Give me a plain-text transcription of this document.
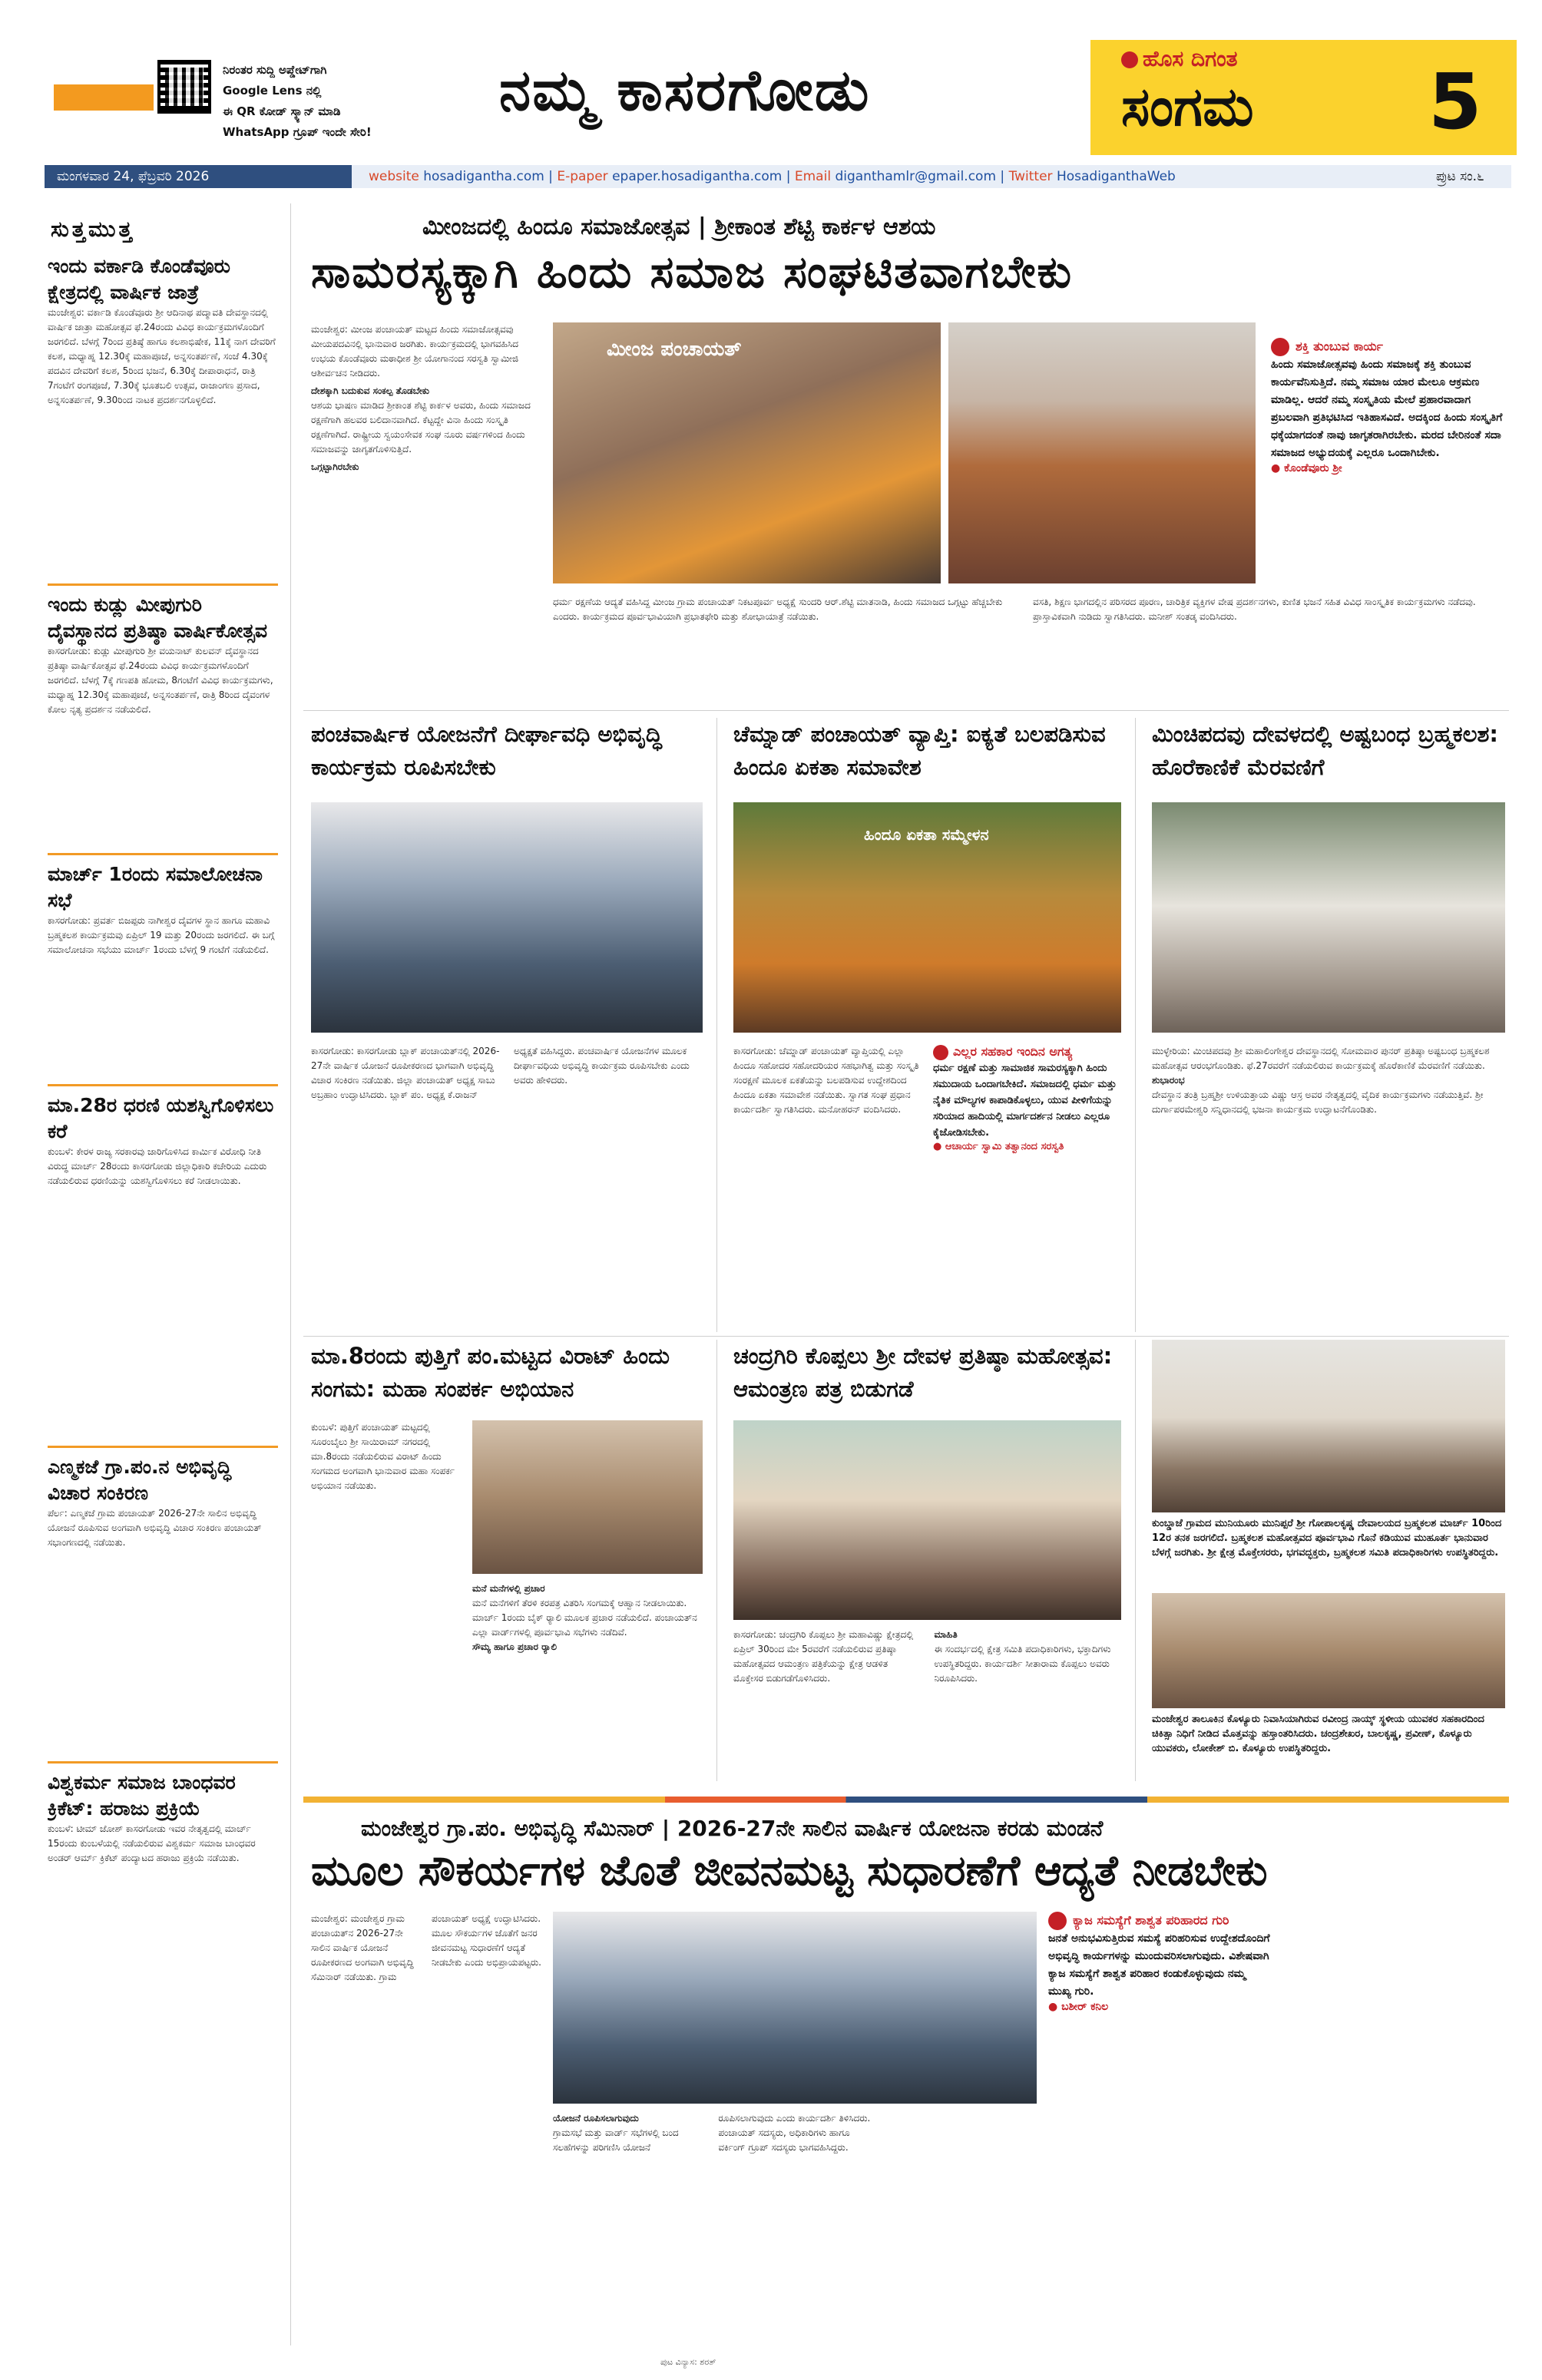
ನಿರಂತರ ಸುದ್ದಿ ಅಪ್ಡೇಟ್‌ಗಾಗಿ
Google Lens ನಲ್ಲಿ
ಈ QR ಕೋಡ್ ಸ್ಕ್ಯಾನ್ ಮಾಡಿ
WhatsApp ಗ್ರೂಪ್ ಇಂದೇ ಸೇರಿ!
ನಮ್ಮ ಕಾಸರಗೋಡು	ಹೊಸ ದಿಗಂತ
ಸಂಗಮ 5
ಮಂಗಳವಾರ 24, ಫೆಬ್ರವರಿ 2026	website hosadigantha.com | E-paper epaper.hosadigantha.com | Email diganthamlr@gmail.com | Twitter HosadiganthaWeb	ಪ್ರುಟ ಸಂ.೬
ಸುತ್ತಮುತ್ತ
ಇಂದು ವರ್ಕಾಡಿ ಕೊಂಡೆವೂರು ಕ್ಷೇತ್ರದಲ್ಲಿ ವಾರ್ಷಿಕ ಜಾತ್ರೆ
ಮಂಜೇಶ್ವರ: ವರ್ಕಾಡಿ ಕೊಂಡೆವೂರು ಶ್ರೀ ಆದಿನಾಥ ಪದ್ಮಾವತಿ ದೇವಸ್ಥಾನದಲ್ಲಿ ವಾರ್ಷಿಕ ಜಾತ್ರಾ ಮಹೋತ್ಸವ ಫೆ.24ರಂದು ವಿವಿಧ ಕಾರ್ಯಕ್ರಮಗಳೊಂದಿಗೆ ಜರಗಲಿದೆ. ಬೆಳಗ್ಗೆ 7ರಿಂದ ಪ್ರತಿಷ್ಠೆ ಹಾಗೂ ಕಲಶಾಭಿಷೇಕ, 11ಕ್ಕೆ ನಾಗ ದೇವರಿಗೆ ಕಲಶ, ಮಧ್ಯಾಹ್ನ 12.30ಕ್ಕೆ ಮಹಾಪೂಜೆ, ಅನ್ನಸಂತರ್ಪಣೆ, ಸಂಜೆ 4.30ಕ್ಕೆ ಪದವಿನ ದೇವರಿಗೆ ಕಲಶ, 5ರಿಂದ ಭಜನೆ, 6.30ಕ್ಕೆ ದೀಪಾರಾಧನೆ, ರಾತ್ರಿ 7ಗಂಟೆಗೆ ರಂಗಪೂಜೆ, 7.30ಕ್ಕೆ ಭೂತಬಲಿ ಉತ್ಸವ, ರಾಜಾಂಗಣ ಪ್ರಸಾದ, ಅನ್ನಸಂತರ್ಪಣೆ, 9.30ರಿಂದ ನಾಟಕ ಪ್ರದರ್ಶನಗೊಳ್ಳಲಿದೆ.
ಇಂದು ಕುಡ್ಲು ಮೀಪುಗುರಿ ದೈವಸ್ಥಾನದ ಪ್ರತಿಷ್ಠಾ ವಾರ್ಷಿಕೋತ್ಸವ
ಕಾಸರಗೋಡು: ಕುಡ್ಲು ಮೀಪುಗುರಿ ಶ್ರೀ ವಯನಾಟ್ ಕುಲವನ್ ದೈವಸ್ಥಾನದ ಪ್ರತಿಷ್ಠಾ ವಾರ್ಷಿಕೋತ್ಸವ ಫೆ.24ರಂದು ವಿವಿಧ ಕಾರ್ಯಕ್ರಮಗಳೊಂದಿಗೆ ಜರಗಲಿದೆ. ಬೆಳಗ್ಗೆ 7ಕ್ಕೆ ಗಣಪತಿ ಹೋಮ, 8ಗಂಟೆಗೆ ವಿವಿಧ ಕಾರ್ಯಕ್ರಮಗಳು, ಮಧ್ಯಾಹ್ನ 12.30ಕ್ಕೆ ಮಹಾಪೂಜೆ, ಅನ್ನಸಂತರ್ಪಣೆ, ರಾತ್ರಿ 8ರಿಂದ ದೈವಂಗಳ ಕೋಲ ನೃತ್ಯ ಪ್ರದರ್ಶನ ನಡೆಯಲಿದೆ.
ಮಾರ್ಚ್ 1ರಂದು ಸಮಾಲೋಚನಾ ಸಭೆ
ಕಾಸರಗೋಡು: ಪ್ರವರ್ತ ಬಿಜಪ್ಪರು ನಾಗೀಶ್ವರ ದೈವಗಳ ಸ್ಥಾನ ಹಾಗೂ ಮಹಾವಿ ಬ್ರಹ್ಮಕಲಶ ಕಾರ್ಯಕ್ರಮವು ಏಪ್ರಿಲ್ 19 ಮತ್ತು 20ರಂದು ಜರಗಲಿದೆ. ಈ ಬಗ್ಗೆ ಸಮಾಲೋಚನಾ ಸಭೆಯು ಮಾರ್ಚ್ 1ರಂದು ಬೆಳಗ್ಗೆ 9 ಗಂಟೆಗೆ ನಡೆಯಲಿದೆ.
ಮಾ.28ರ ಧರಣಿ ಯಶಸ್ವಿಗೊಳಿಸಲು ಕರೆ
ಕುಂಬಳೆ: ಕೇರಳ ರಾಜ್ಯ ಸರಕಾರವು ಜಾರಿಗೊಳಿಸಿದ ಕಾರ್ಮಿಕ ವಿರೋಧಿ ನೀತಿ ವಿರುದ್ಧ ಮಾರ್ಚ್ 28ರಂದು ಕಾಸರಗೋಡು ಜಿಲ್ಲಾಧಿಕಾರಿ ಕಚೇರಿಯ ಎದುರು ನಡೆಯಲಿರುವ ಧರಣಿಯನ್ನು ಯಶಸ್ವಿಗೊಳಿಸಲು ಕರೆ ನೀಡಲಾಯಿತು.
ಎಣ್ಮಕಜೆ ಗ್ರಾ.ಪಂ.ನ ಅಭಿವೃದ್ಧಿ ವಿಚಾರ ಸಂಕಿರಣ
ಪೆರ್ಲ: ಎಣ್ಮಕಜೆ ಗ್ರಾಮ ಪಂಚಾಯತ್ 2026-27ನೇ ಸಾಲಿನ ಅಭಿವೃದ್ಧಿ ಯೋಜನೆ ರೂಪಿಸುವ ಅಂಗವಾಗಿ ಅಭಿವೃದ್ಧಿ ವಿಚಾರ ಸಂಕಿರಣ ಪಂಚಾಯತ್ ಸಭಾಂಗಣದಲ್ಲಿ ನಡೆಯಿತು.
ವಿಶ್ವಕರ್ಮ ಸಮಾಜ ಬಾಂಧವರ ಕ್ರಿಕೆಟ್: ಹರಾಜು ಪ್ರಕ್ರಿಯೆ
ಕುಂಬಳೆ: ಟೀಮ್ ಜೋಶ್ ಕಾಸರಗೋಡು ಇವರ ನೇತೃತ್ವದಲ್ಲಿ ಮಾರ್ಚ್ 15ರಂದು ಕುಂಬಳೆಯಲ್ಲಿ ನಡೆಯಲಿರುವ ವಿಶ್ವಕರ್ಮ ಸಮಾಜ ಬಾಂಧವರ ಅಂಡರ್ ಆರ್ಮ್ ಕ್ರಿಕೆಟ್ ಪಂದ್ಯಾಟದ ಹರಾಜು ಪ್ರಕ್ರಿಯೆ ನಡೆಯಿತು.
ಮೀಂಜದಲ್ಲಿ ಹಿಂದೂ ಸಮಾಜೋತ್ಸವ | ಶ್ರೀಕಾಂತ ಶೆಟ್ಟಿ ಕಾರ್ಕಳ ಆಶಯ
ಸಾಮರಸ್ಯಕ್ಕಾಗಿ ಹಿಂದು ಸಮಾಜ ಸಂಘಟಿತವಾಗಬೇಕು
ಮಂಜೇಶ್ವರ: ಮೀಂಜ ಪಂಚಾಯತ್ ಮಟ್ಟದ ಹಿಂದು ಸಮಾಜೋತ್ಸವವು ಮೀಯಪದವಿನಲ್ಲಿ ಭಾನುವಾರ ಜರಗಿತು. ಕಾರ್ಯಕ್ರಮದಲ್ಲಿ ಭಾಗವಹಿಸಿದ ಉಭಯ ಕೊಂಡೆವೂರು ಮಠಾಧೀಶ ಶ್ರೀ ಯೋಗಾನಂದ ಸರಸ್ವತಿ ಸ್ವಾಮೀಜಿ ಆಶೀರ್ವಚನ ನೀಡಿದರು.
ದೇಶಕ್ಕಾಗಿ ಬದುಕುವ ಸಂಕಲ್ಪ ತೊಡಬೇಕು
ಆಶಯ ಭಾಷಣ ಮಾಡಿದ ಶ್ರೀಕಾಂತ ಶೆಟ್ಟಿ ಕಾರ್ಕಳ ಅವರು, ಹಿಂದು ಸಮಾಜದ ರಕ್ಷಣೆಗಾಗಿ ಹಲವರ ಬಲಿದಾನವಾಗಿದೆ. ಕೆಟ್ಟದ್ದೇ ವಿನಾ ಹಿಂದು ಸಂಸ್ಕೃತಿ ರಕ್ಷಣೆಗಾಗಿದೆ. ರಾಷ್ಟ್ರೀಯ ಸ್ವಯಂಸೇವಕ ಸಂಘ ನೂರು ವರ್ಷಗಳಿಂದ ಹಿಂದು ಸಮಾಜವನ್ನು ಜಾಗೃತಗೊಳಿಸುತ್ತಿದೆ.
ಒಗ್ಗಟ್ಟಾಗಿರಬೇಕು
ಮೀಂಜ ಪಂಚಾಯತ್
ಧರ್ಮ ರಕ್ಷಣೆಯ ಆದ್ಯತೆ ವಹಿಸಿದ್ದ ಮೀಂಜ ಗ್ರಾಮ ಪಂಚಾಯತ್ ನಿಕಟಪೂರ್ವ ಅಧ್ಯಕ್ಷೆ ಸುಂದರಿ ಆರ್.ಶೆಟ್ಟಿ ಮಾತನಾಡಿ, ಹಿಂದು ಸಮಾಜದ ಒಗ್ಗಟ್ಟು ಹೆಚ್ಚಬೇಕು ಎಂದರು. ಕಾರ್ಯಕ್ರಮದ ಪೂರ್ವಭಾವಿಯಾಗಿ ಪ್ರಭಾತಫೇರಿ ಮತ್ತು ಶೋಭಾಯಾತ್ರೆ ನಡೆಯಿತು.
ವಸತಿ, ಶಿಕ್ಷಣ ಭಾಗದಲ್ಲಿನ ಪರಿಸರದ ಪೂರಣ, ಚಾರಿತ್ರಿಕ ವ್ಯಕ್ತಿಗಳ ವೇಷ ಪ್ರದರ್ಶನಗಳು, ಕುಣಿತ ಭಜನೆ ಸಹಿತ ವಿವಿಧ ಸಾಂಸ್ಕೃತಿಕ ಕಾರ್ಯಕ್ರಮಗಳು ನಡೆದವು. ಪ್ರಾಸ್ತಾವಿಕವಾಗಿ ನುಡಿದು ಸ್ವಾಗತಿಸಿದರು. ಮನೀಶ್ ಸಂತಡ್ಕ ವಂದಿಸಿದರು.
ಶಕ್ತಿ ತುಂಬುವ ಕಾರ್ಯ
ಹಿಂದು ಸಮಾಜೋತ್ಸವವು ಹಿಂದು ಸಮಾಜಕ್ಕೆ ಶಕ್ತಿ ತುಂಬುವ ಕಾರ್ಯವೆನಿಸುತ್ತಿದೆ. ನಮ್ಮ ಸಮಾಜ ಯಾರ ಮೇಲೂ ಆಕ್ರಮಣ ಮಾಡಿಲ್ಲ. ಆದರೆ ನಮ್ಮ ಸಂಸ್ಕೃತಿಯ ಮೇಲೆ ಪ್ರಹಾರವಾದಾಗ ಪ್ರಬಲವಾಗಿ ಪ್ರತಿಭಟಿಸಿದ ಇತಿಹಾಸವಿದೆ. ಅದಕ್ಕಿಂದ ಹಿಂದು ಸಂಸ್ಕೃತಿಗೆ ಧಕ್ಕೆಯಾಗದಂತೆ ನಾವು ಜಾಗೃತರಾಗಿರಬೇಕು. ಮರದ ಬೇರಿನಂತೆ ಸದಾ ಸಮಾಜದ ಅಭ್ಯುದಯಕ್ಕೆ ಎಲ್ಲರೂ ಒಂದಾಗಿಬೇಕು.
● ಕೊಂಡೆವೂರು ಶ್ರೀ
ಪಂಚವಾರ್ಷಿಕ ಯೋಜನೆಗೆ ದೀರ್ಘಾವಧಿ ಅಭಿವೃದ್ಧಿ ಕಾರ್ಯಕ್ರಮ ರೂಪಿಸಬೇಕು
ಕಾಸರಗೋಡು: ಕಾಸರಗೋಡು ಬ್ಲಾಕ್ ಪಂಚಾಯತ್‌ನಲ್ಲಿ 2026-27ನೇ ವಾರ್ಷಿಕ ಯೋಜನೆ ರೂಪೀಕರಣದ ಭಾಗವಾಗಿ ಅಭಿವೃದ್ಧಿ ವಿಚಾರ ಸಂಕಿರಣ ನಡೆಯಿತು. ಜಿಲ್ಲಾ ಪಂಚಾಯತ್ ಅಧ್ಯಕ್ಷ ಸಾಬು ಅಬ್ರಹಾಂ ಉದ್ಘಾಟಿಸಿದರು. ಬ್ಲಾಕ್ ಪಂ. ಅಧ್ಯಕ್ಷ ಕೆ.ರಾಜನ್ ಅಧ್ಯಕ್ಷತೆ ವಹಿಸಿದ್ದರು. ಪಂಚವಾರ್ಷಿಕ ಯೋಜನೆಗಳ ಮೂಲಕ ದೀರ್ಘಾವಧಿಯ ಅಭಿವೃದ್ಧಿ ಕಾರ್ಯಕ್ರಮ ರೂಪಿಸಬೇಕು ಎಂದು ಅವರು ಹೇಳಿದರು.
ಚೆಮ್ನಾಡ್ ಪಂಚಾಯತ್ ವ್ಯಾಪ್ತಿ: ಐಕ್ಯತೆ ಬಲಪಡಿಸುವ ಹಿಂದೂ ಏಕತಾ ಸಮಾವೇಶ
ಹಿಂದೂ ಏಕತಾ ಸಮ್ಮೇಳನ
ಕಾಸರಗೋಡು: ಚೆಮ್ನಾಡ್ ಪಂಚಾಯತ್ ವ್ಯಾಪ್ತಿಯಲ್ಲಿ ಎಲ್ಲಾ ಹಿಂದೂ ಸಹೋದರ ಸಹೋದರಿಯರ ಸಹಭಾಗಿತ್ವ ಮತ್ತು ಸಂಸ್ಕೃತಿ ಸಂರಕ್ಷಣೆ ಮೂಲಕ ಏಕತೆಯನ್ನು ಬಲಪಡಿಸುವ ಉದ್ದೇಶದಿಂದ ಹಿಂದೂ ಏಕತಾ ಸಮಾವೇಶ ನಡೆಯಿತು. ಸ್ವಾಗತ ಸಂಘ ಪ್ರಧಾನ ಕಾರ್ಯದರ್ಶಿ ಸ್ವಾಗತಿಸಿದರು. ಮನೋಹರನ್ ವಂದಿಸಿದರು.
ಎಲ್ಲರ ಸಹಕಾರ ಇಂದಿನ ಅಗತ್ಯ
ಧರ್ಮ ರಕ್ಷಣೆ ಮತ್ತು ಸಾಮಾಜಿಕ ಸಾಮರಸ್ಯಕ್ಕಾಗಿ ಹಿಂದು ಸಮುದಾಯ ಒಂದಾಗಬೇಕಿದೆ. ಸಮಾಜದಲ್ಲಿ ಧರ್ಮ ಮತ್ತು ನೈತಿಕ ಮೌಲ್ಯಗಳ ಕಾಪಾಡಿಕೊಳ್ಳಲು, ಯುವ ಪೀಳಿಗೆಯನ್ನು ಸರಿಯಾದ ಹಾದಿಯಲ್ಲಿ ಮಾರ್ಗದರ್ಶನ ನೀಡಲು ಎಲ್ಲರೂ ಕೈಜೋಡಿಸಬೇಕು.
● ಆಚಾರ್ಯ ಸ್ವಾಮಿ ತತ್ವಾನಂದ ಸರಸ್ವತಿ
ಮಿಂಚಿಪದವು ದೇವಳದಲ್ಲಿ ಅಷ್ಟಬಂಧ ಬ್ರಹ್ಮಕಲಶ: ಹೊರೆಕಾಣಿಕೆ ಮೆರವಣಿಗೆ
ಮುಳ್ಳೇರಿಯ: ಮಿಂಚಿಪದವು ಶ್ರೀ ಮಹಾಲಿಂಗೇಶ್ವರ ದೇವಸ್ಥಾನದಲ್ಲಿ ಸೋಮವಾರ ಪುನರ್ ಪ್ರತಿಷ್ಠಾ ಅಷ್ಟಬಂಧ ಬ್ರಹ್ಮಕಲಶ ಮಹೋತ್ಸವ ಆರಂಭಗೊಂಡಿತು. ಫೆ.27ರವರೆಗೆ ನಡೆಯಲಿರುವ ಕಾರ್ಯಕ್ರಮಕ್ಕೆ ಹೊರೆಕಾಣಿಕೆ ಮೆರವಣಿಗೆ ನಡೆಯಿತು.
ಶುಭಾರಂಭ
ದೇವಸ್ಥಾನ ತಂತ್ರಿ ಬ್ರಹ್ಮಶ್ರೀ ಉಳಿಯತ್ತಾಯ ವಿಷ್ಣು ಆಸ್ರ ಅವರ ನೇತೃತ್ವದಲ್ಲಿ ವೈದಿಕ ಕಾರ್ಯಕ್ರಮಗಳು ನಡೆಯುತ್ತಿವೆ. ಶ್ರೀ ದುರ್ಗಾಪರಮೇಶ್ವರಿ ಸನ್ನಿಧಾನದಲ್ಲಿ ಭಜನಾ ಕಾರ್ಯಕ್ರಮ ಉದ್ಘಾಟನೆಗೊಂಡಿತು.
ಮಾ.8ರಂದು ಪುತ್ತಿಗೆ ಪಂ.ಮಟ್ಟದ ವಿರಾಟ್ ಹಿಂದು ಸಂಗಮ: ಮಹಾ ಸಂಪರ್ಕ ಅಭಿಯಾನ
ಕುಂಬಳೆ: ಪುತ್ತಿಗೆ ಪಂಚಾಯತ್ ಮಟ್ಟದಲ್ಲಿ ಸೂರಂಬೈಲು ಶ್ರೀ ಸಾಯಿರಾಮ್ ನಗರದಲ್ಲಿ ಮಾ.8ರಂದು ನಡೆಯಲಿರುವ ವಿರಾಟ್ ಹಿಂದು ಸಂಗಮದ ಅಂಗವಾಗಿ ಭಾನುವಾರ ಮಹಾ ಸಂಪರ್ಕ ಅಭಿಯಾನ ನಡೆಯಿತು.
ಮನೆ ಮನೆಗಳಲ್ಲಿ ಪ್ರಚಾರ
ಮನೆ ಮನೆಗಳಿಗೆ ತೆರಳಿ ಕರಪತ್ರ ವಿತರಿಸಿ ಸಂಗಮಕ್ಕೆ ಆಹ್ವಾನ ನೀಡಲಾಯಿತು. ಮಾರ್ಚ್ 1ರಂದು ಬೈಕ್ ರ‍್ಯಾಲಿ ಮೂಲಕ ಪ್ರಚಾರ ನಡೆಯಲಿದೆ. ಪಂಚಾಯತ್‌ನ ಎಲ್ಲಾ ವಾರ್ಡ್‌ಗಳಲ್ಲಿ ಪೂರ್ವಭಾವಿ ಸಭೆಗಳು ನಡೆದಿವೆ.
ಸೌಮ್ಯ ಹಾಗೂ ಪ್ರಚಾರ ರ‍್ಯಾಲಿ
ಚಂದ್ರಗಿರಿ ಕೊಪ್ಪಲು ಶ್ರೀ ದೇವಳ ಪ್ರತಿಷ್ಠಾ ಮಹೋತ್ಸವ: ಆಮಂತ್ರಣ ಪತ್ರ ಬಿಡುಗಡೆ
ಕಾಸರಗೋಡು: ಚಂದ್ರಗಿರಿ ಕೊಪ್ಪಲು ಶ್ರೀ ಮಹಾವಿಷ್ಣು ಕ್ಷೇತ್ರದಲ್ಲಿ ಏಪ್ರಿಲ್ 30ರಿಂದ ಮೇ 5ರವರೆಗೆ ನಡೆಯಲಿರುವ ಪ್ರತಿಷ್ಠಾ ಮಹೋತ್ಸವದ ಆಮಂತ್ರಣ ಪತ್ರಿಕೆಯನ್ನು ಕ್ಷೇತ್ರ ಆಡಳಿತ ಮೊಕ್ತೇಸರ ಬಿಡುಗಡೆಗೊಳಿಸಿದರು.
ಮಾಹಿತಿ
ಈ ಸಂದರ್ಭದಲ್ಲಿ ಕ್ಷೇತ್ರ ಸಮಿತಿ ಪದಾಧಿಕಾರಿಗಳು, ಭಕ್ತಾದಿಗಳು ಉಪಸ್ಥಿತರಿದ್ದರು. ಕಾರ್ಯದರ್ಶಿ ಸೀತಾರಾಮ ಕೊಪ್ಪಲು ಅವರು ನಿರೂಪಿಸಿದರು.
ಕುಂಬ್ಡಾಜೆ ಗ್ರಾಮದ ಮುನಿಯೂರು ಮುನಿಪ್ಪರೆ ಶ್ರೀ ಗೋಪಾಲಕೃಷ್ಣ ದೇವಾಲಯದ ಬ್ರಹ್ಮಕಲಶ ಮಾರ್ಚ್ 10ರಿಂದ 12ರ ತನಕ ಜರಗಲಿದೆ. ಬ್ರಹ್ಮಕಲಶ ಮಹೋತ್ಸವದ ಪೂರ್ವಭಾವಿ ಗೊನೆ ಕಡಿಯುವ ಮುಹೂರ್ತ ಭಾನುವಾರ ಬೆಳಗ್ಗೆ ಜರಗಿತು. ಶ್ರೀ ಕ್ಷೇತ್ರ ಮೊಕ್ತೇಸರರು, ಭಗವದ್ಭಕ್ತರು, ಬ್ರಹ್ಮಕಲಶ ಸಮಿತಿ ಪದಾಧಿಕಾರಿಗಳು ಉಪಸ್ಥಿತರಿದ್ದರು.
ಮಂಜೇಶ್ವರ ತಾಲೂಕಿನ ಕೊಳ್ಯೂರು ನಿವಾಸಿಯಾಗಿರುವ ರವೀಂದ್ರ ನಾಯ್ಕ್ ಸ್ಥಳೀಯ ಯುವಕರ ಸಹಕಾರದಿಂದ ಚಿಕಿತ್ಸಾ ನಿಧಿಗೆ ನೀಡಿದ ಮೊತ್ತವನ್ನು ಹಸ್ತಾಂತರಿಸಿದರು. ಚಂದ್ರಶೇಖರ, ಬಾಲಕೃಷ್ಣ, ಪ್ರವೀಣ್, ಕೊಳ್ಯೂರು ಯುವಕರು, ಲೋಕೇಶ್ ಬಿ. ಕೊಳ್ಯೂರು ಉಪಸ್ಥಿತರಿದ್ದರು.
ಮಂಜೇಶ್ವರ ಗ್ರಾ.ಪಂ. ಅಭಿವೃದ್ಧಿ ಸೆಮಿನಾರ್ | 2026-27ನೇ ಸಾಲಿನ ವಾರ್ಷಿಕ ಯೋಜನಾ ಕರಡು ಮಂಡನೆ
ಮೂಲ ಸೌಕರ್ಯಗಳ ಜೊತೆ ಜೀವನಮಟ್ಟ ಸುಧಾರಣೆಗೆ ಆದ್ಯತೆ ನೀಡಬೇಕು
ಮಂಜೇಶ್ವರ: ಮಂಜೇಶ್ವರ ಗ್ರಾಮ ಪಂಚಾಯತ್‌ನ 2026-27ನೇ ಸಾಲಿನ ವಾರ್ಷಿಕ ಯೋಜನೆ ರೂಪೀಕರಣದ ಅಂಗವಾಗಿ ಅಭಿವೃದ್ಧಿ ಸೆಮಿನಾರ್ ನಡೆಯಿತು. ಗ್ರಾಮ ಪಂಚಾಯತ್ ಅಧ್ಯಕ್ಷೆ ಉದ್ಘಾಟಿಸಿದರು. ಮೂಲ ಸೌಕರ್ಯಗಳ ಜೊತೆಗೆ ಜನರ ಜೀವನಮಟ್ಟ ಸುಧಾರಣೆಗೆ ಆದ್ಯತೆ ನೀಡಬೇಕು ಎಂದು ಅಭಿಪ್ರಾಯಪಟ್ಟರು.
ಯೋಜನೆ ರೂಪಿಸಲಾಗುವುದು
ಗ್ರಾಮಸಭೆ ಮತ್ತು ವಾರ್ಡ್ ಸಭೆಗಳಲ್ಲಿ ಬಂದ ಸಲಹೆಗಳನ್ನು ಪರಿಗಣಿಸಿ ಯೋಜನೆ ರೂಪಿಸಲಾಗುವುದು ಎಂದು ಕಾರ್ಯದರ್ಶಿ ತಿಳಿಸಿದರು. ಪಂಚಾಯತ್ ಸದಸ್ಯರು, ಅಧಿಕಾರಿಗಳು ಹಾಗೂ ವರ್ಕಿಂಗ್ ಗ್ರೂಪ್ ಸದಸ್ಯರು ಭಾಗವಹಿಸಿದ್ದರು.
ಕ್ಯಾಜ ಸಮಸ್ಯೆಗೆ ಶಾಶ್ವತ ಪರಿಹಾರದ ಗುರಿ
ಜನತೆ ಅನುಭವಿಸುತ್ತಿರುವ ಸಮಸ್ಯೆ ಪರಿಹರಿಸುವ ಉದ್ದೇಶದೊಂದಿಗೆ ಅಭಿವೃದ್ಧಿ ಕಾರ್ಯಗಳನ್ನು ಮುಂದುವರಿಸಲಾಗುವುದು. ವಿಶೇಷವಾಗಿ ಕ್ಯಾಜ ಸಮಸ್ಯೆಗೆ ಶಾಶ್ವತ ಪರಿಹಾರ ಕಂಡುಕೊಳ್ಳುವುದು ನಮ್ಮ ಮುಖ್ಯ ಗುರಿ.
● ಬಶೀರ್ ಕನಿಲ
ಪುಟ ವಿನ್ಯಾಸ: ಶರತ್
